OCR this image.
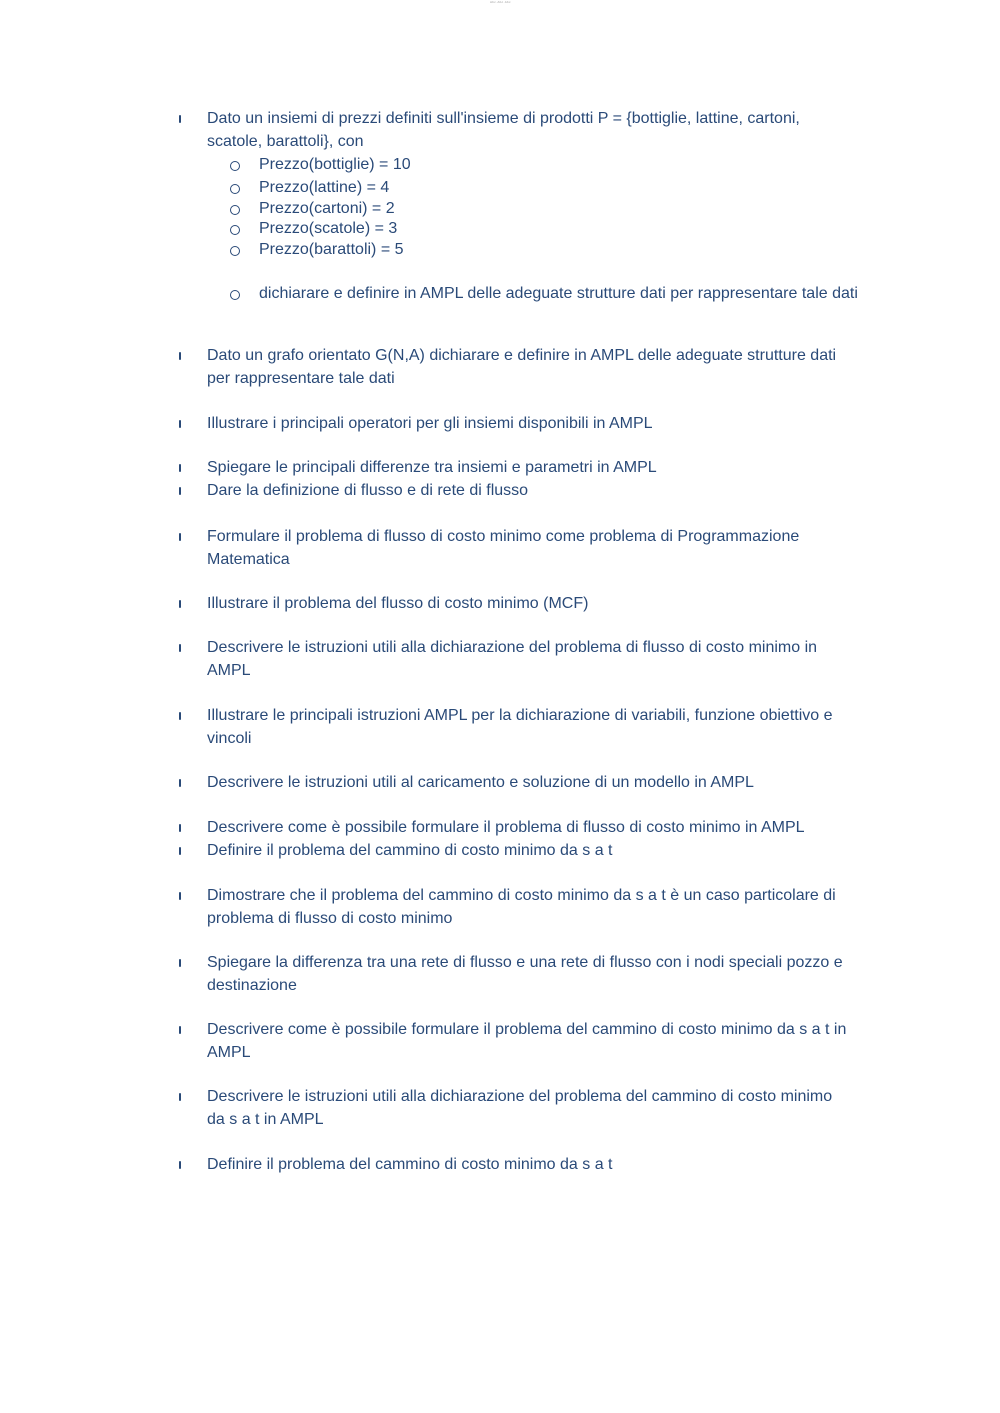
Abc·Abc·Abc
Dato un insiemi di prezzi definiti sull'insieme di prodotti P = {bottiglie, lattine, cartoni, scatole, barattoli}, con
Prezzo(bottiglie) = 10
Prezzo(lattine) = 4
Prezzo(cartoni) = 2
Prezzo(scatole) = 3
Prezzo(barattoli) = 5
dichiarare e definire in AMPL delle adeguate strutture dati per rappresentare tale dati
Dato un grafo orientato G(N,A) dichiarare e definire in AMPL delle adeguate strutture dati per rappresentare tale dati
Illustrare i principali operatori per gli insiemi disponibili in AMPL
Spiegare le principali differenze tra insiemi e parametri in AMPL
Dare la definizione di flusso e di rete di flusso
Formulare il problema di flusso di costo minimo come problema di Programmazione Matematica
Illustrare il problema del flusso di costo minimo (MCF)
Descrivere le istruzioni utili alla dichiarazione del problema di flusso di costo minimo in AMPL
Illustrare le principali istruzioni AMPL per la dichiarazione di variabili, funzione obiettivo e vincoli
Descrivere le istruzioni utili al caricamento e soluzione di un modello in AMPL
Descrivere come è possibile formulare il problema di flusso di costo minimo in AMPL
Definire il problema del cammino di costo minimo da s a t
Dimostrare che il problema del cammino di costo minimo da s a t è un caso particolare di problema di flusso di costo minimo
Spiegare la differenza tra una rete di flusso e una rete di flusso con i nodi speciali pozzo e destinazione
Descrivere come è possibile formulare il problema del cammino di costo minimo da s a t in AMPL
Descrivere le istruzioni utili alla dichiarazione del problema del cammino di costo minimo da s a t in AMPL
Definire il problema del cammino di costo minimo da s a t
